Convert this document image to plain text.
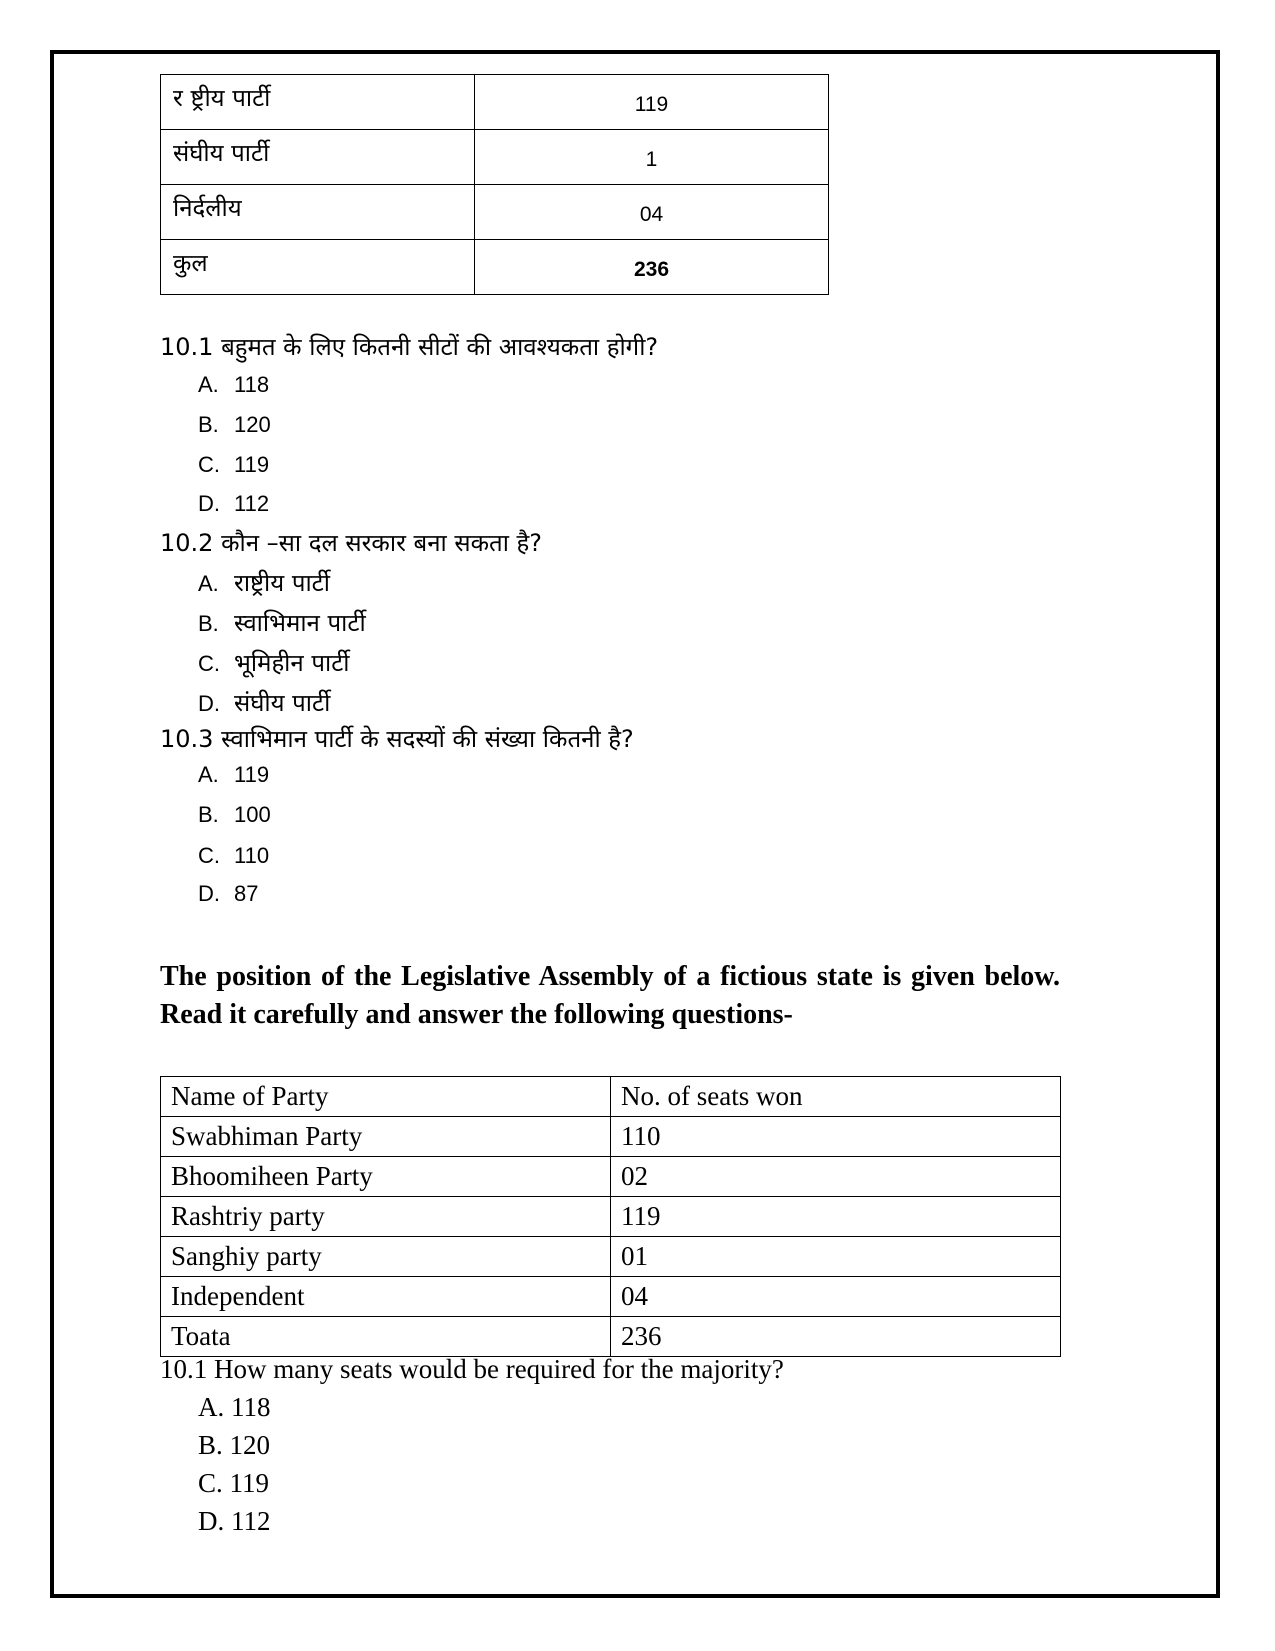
र ष्ट्रीय पार्टी	119
संघीय पार्टी	1
निर्दलीय	04
कुल	236
10.1 बहुमत के लिए कितनी सीटों की आवश्यकता होगी?
A. 118
B. 120
C. 119
D. 112
10.2 कौन –सा दल सरकार बना सकता है?
A. राष्ट्रीय पार्टी
B. स्वाभिमान पार्टी
C. भूमिहीन पार्टी
D. संघीय पार्टी
10.3 स्वाभिमान पार्टी के सदस्यों की संख्या कितनी है?
A. 119
B. 100
C. 110
D. 87
The position of the Legislative Assembly of a fictious state is given below. Read it carefully and answer the following questions-
Name of Party	No. of seats won
Swabhiman Party	110
Bhoomiheen Party	02
Rashtriy party	119
Sanghiy party	01
Independent	04
Toata	236
10.1 How many seats would be required for the majority?
A. 118
B. 120
C. 119
D. 112
